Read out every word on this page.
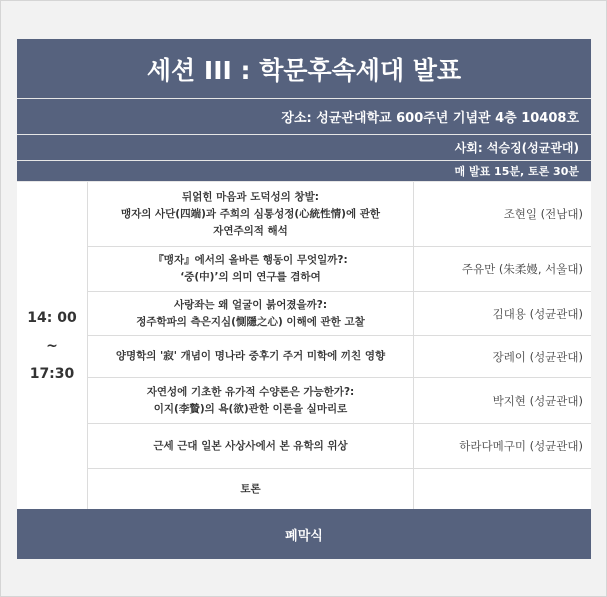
세션 III : 학문후속세대 발표
장소: 성균관대학교 600주년 기념관 4층 10408호
사회: 석승징(성균관대)
매 발표 15분, 토론 30분
14: 00
~
17:30
뒤얽힌 마음과 도덕성의 창발:
맹자의 사단(四端)과 주희의 심통성정(心統性情)에 관한
자연주의적 해석
조현일 (전남대)
『맹자』에서의 올바른 행동이 무엇일까?:
‘중(中)’의 의미 연구를 겸하여
주유만 (朱柔嫚, 서울대)
사랑좌는 왜 얼굴이 붉어졌을까?:
정주학파의 측은지심(惻隱之心) 이해에 관한 고찰
김대용 (성균관대)
양명학의 '寂' 개념이 명나라 중후기 주거 미학에 끼친 영향	장레이 (성균관대)
자연성에 기초한 유가적 수양론은 가능한가?:
이지(李贄)의 욕(欲)관한 이론을 실마리로
박지현 (성균관대)
근세 근대 일본 사상사에서 본 유학의 위상	하라다메구미 (성균관대)
토론
폐막식
